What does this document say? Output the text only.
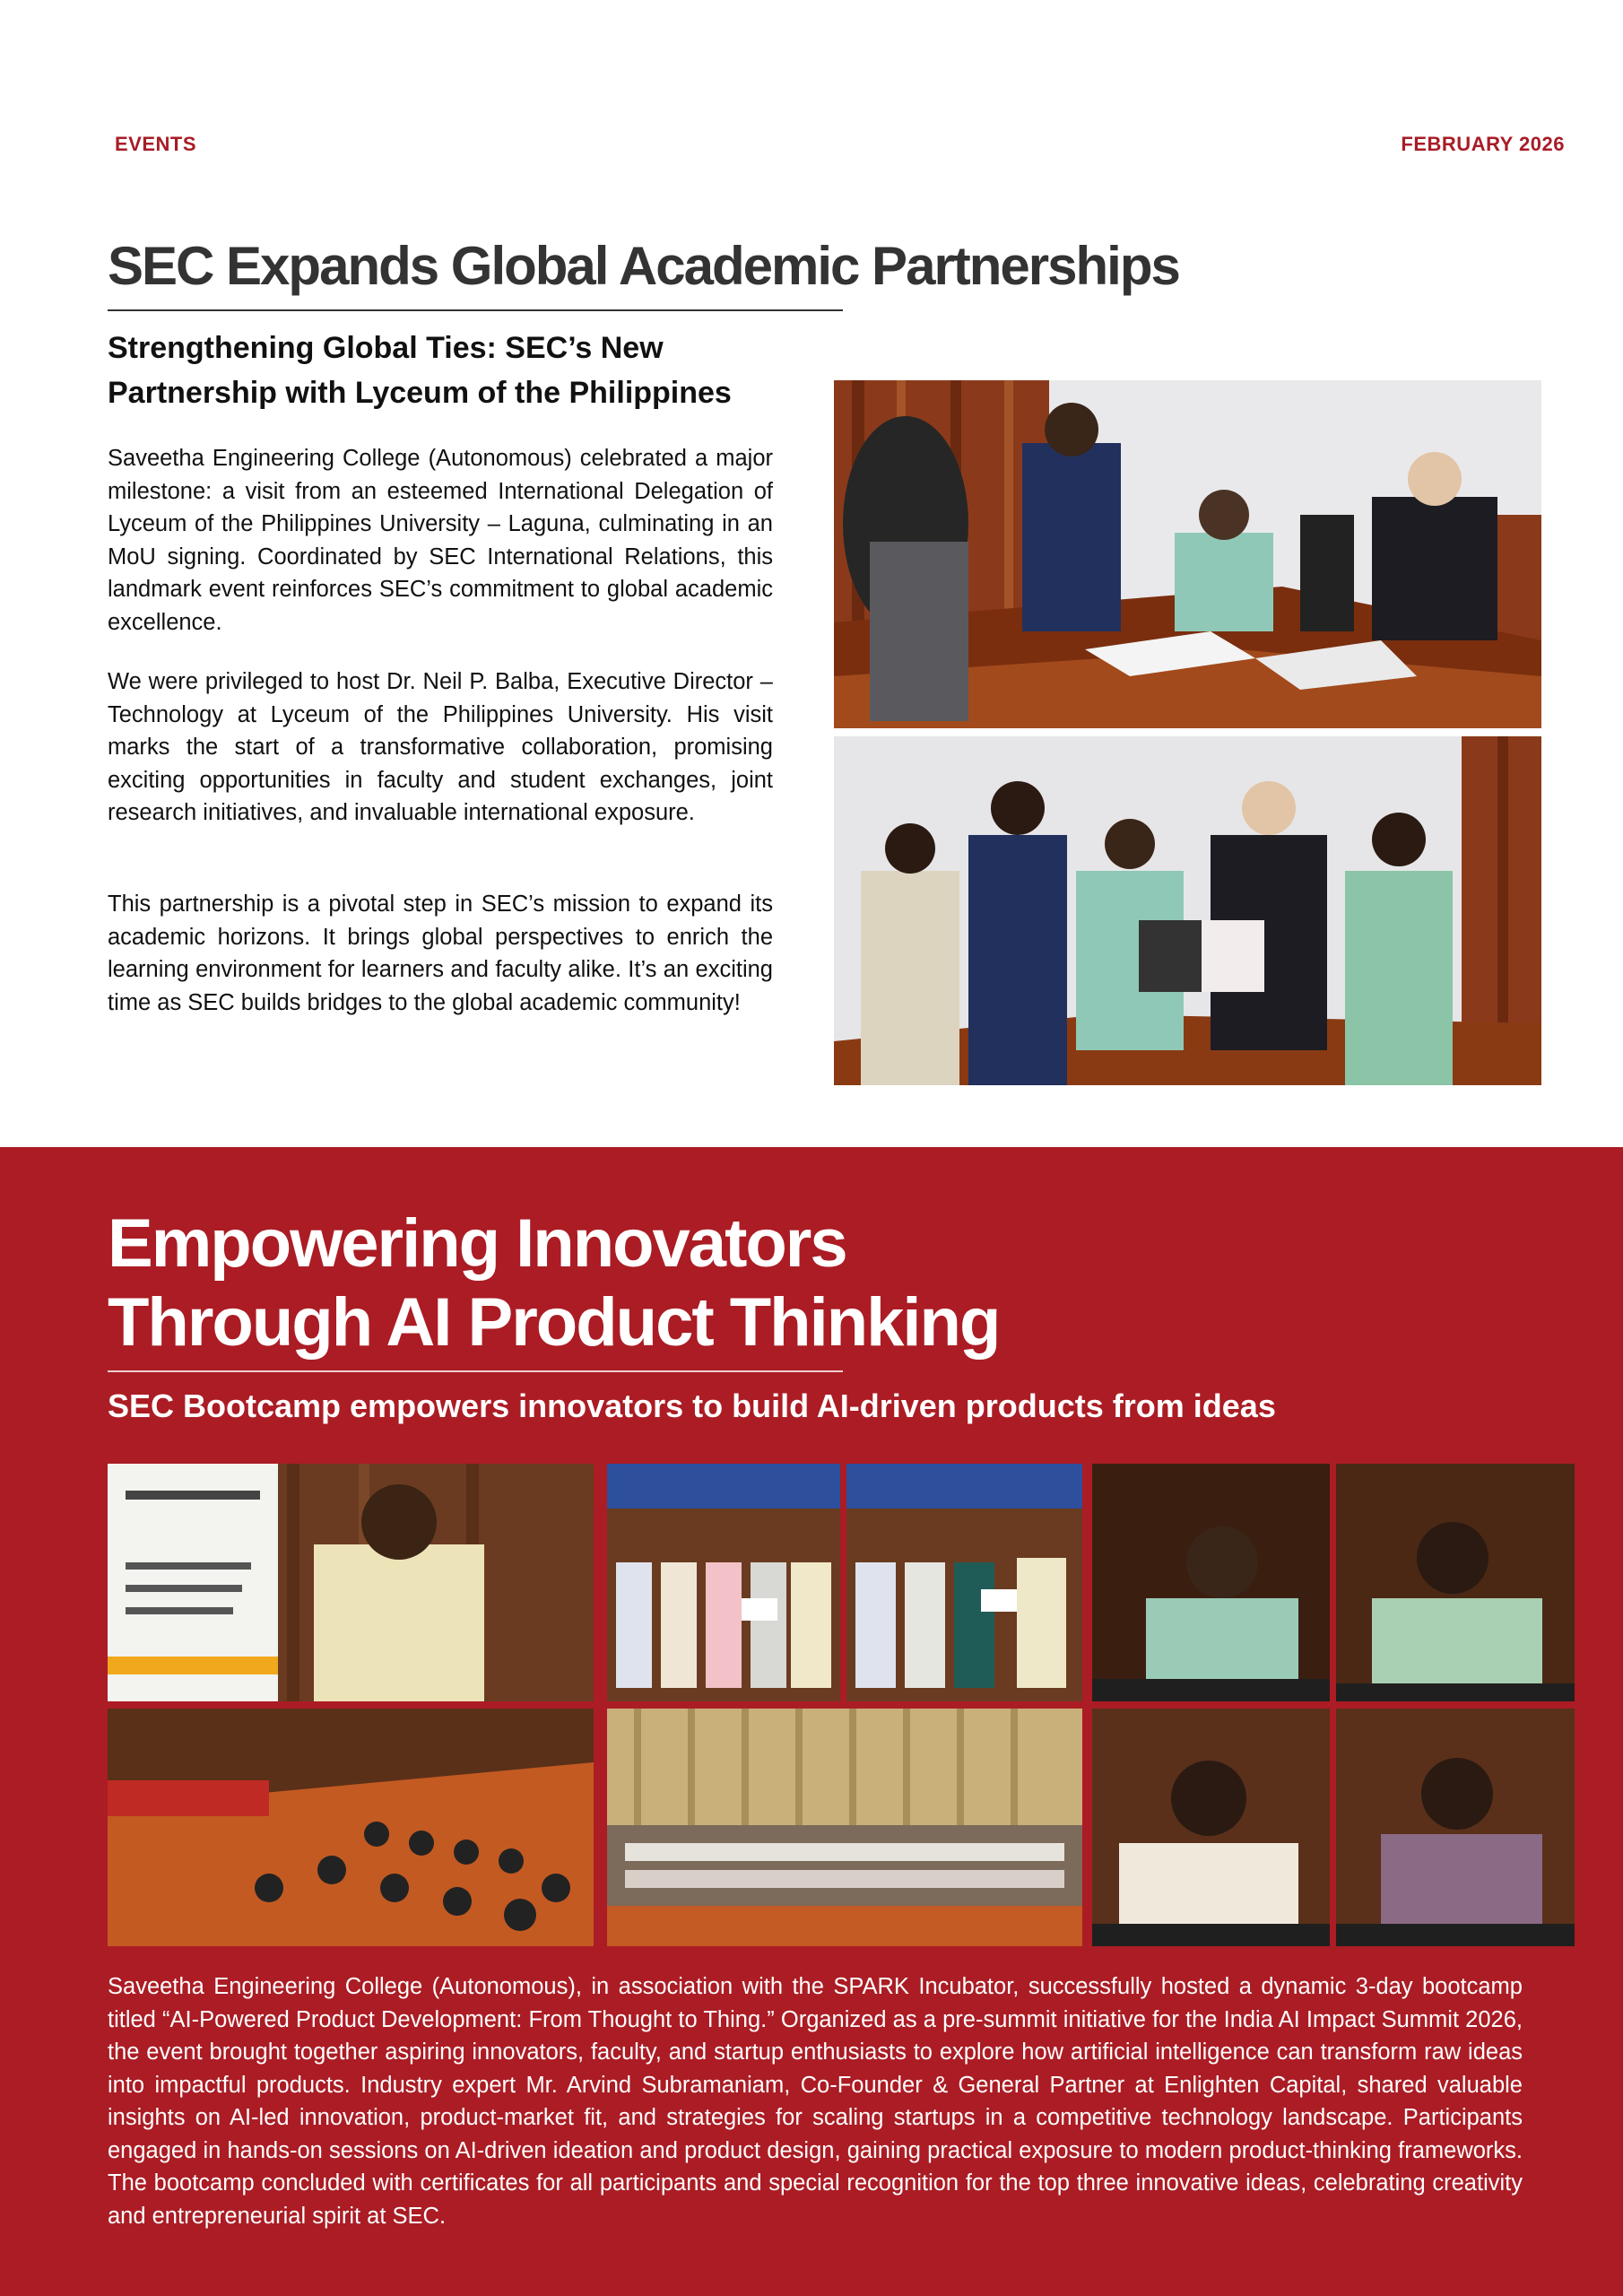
EVENTS	FEBRUARY 2026
SEC Expands Global Academic Partnerships
Strengthening Global Ties: SEC’s New Partnership with Lyceum of the Philippines

Saveetha Engineering College (Autonomous) celebrated a major milestone: a visit from an esteemed International Delegation of Lyceum of the Philippines University – Laguna, culminating in an MoU signing. Coordinated by SEC International Relations, this landmark event reinforces SEC’s commitment to global academic excellence.

We were privileged to host Dr. Neil P. Balba, Executive Director – Technology at Lyceum of the Philippines University. His visit marks the start of a transformative collaboration, promising exciting opportunities in faculty and student exchanges, joint research initiatives, and invaluable international exposure.

This partnership is a pivotal step in SEC’s mission to expand its academic horizons. It brings global perspectives to enrich the learning environment for learners and faculty alike. It’s an exciting time as SEC builds bridges to the global academic community!

Empowering Innovators
Through AI Product Thinking
SEC Bootcamp empowers innovators to build AI-driven products from ideas

Saveetha Engineering College (Autonomous), in association with the SPARK Incubator, successfully hosted a dynamic 3-day bootcamp titled “AI-Powered Product Development: From Thought to Thing.” Organized as a pre-summit initiative for the India AI Impact Summit 2026, the event brought together aspiring innovators, faculty, and startup enthusiasts to explore how artificial intelligence can transform raw ideas into impactful products. Industry expert Mr. Arvind Subramaniam, Co-Founder & General Partner at Enlighten Capital, shared valuable insights on AI-led innovation, product-market fit, and strategies for scaling startups in a competitive technology landscape. Participants engaged in hands-on sessions on AI-driven ideation and product design, gaining practical exposure to modern product-thinking frameworks. The bootcamp concluded with certificates for all participants and special recognition for the top three innovative ideas, celebrating creativity and entrepreneurial spirit at SEC.
